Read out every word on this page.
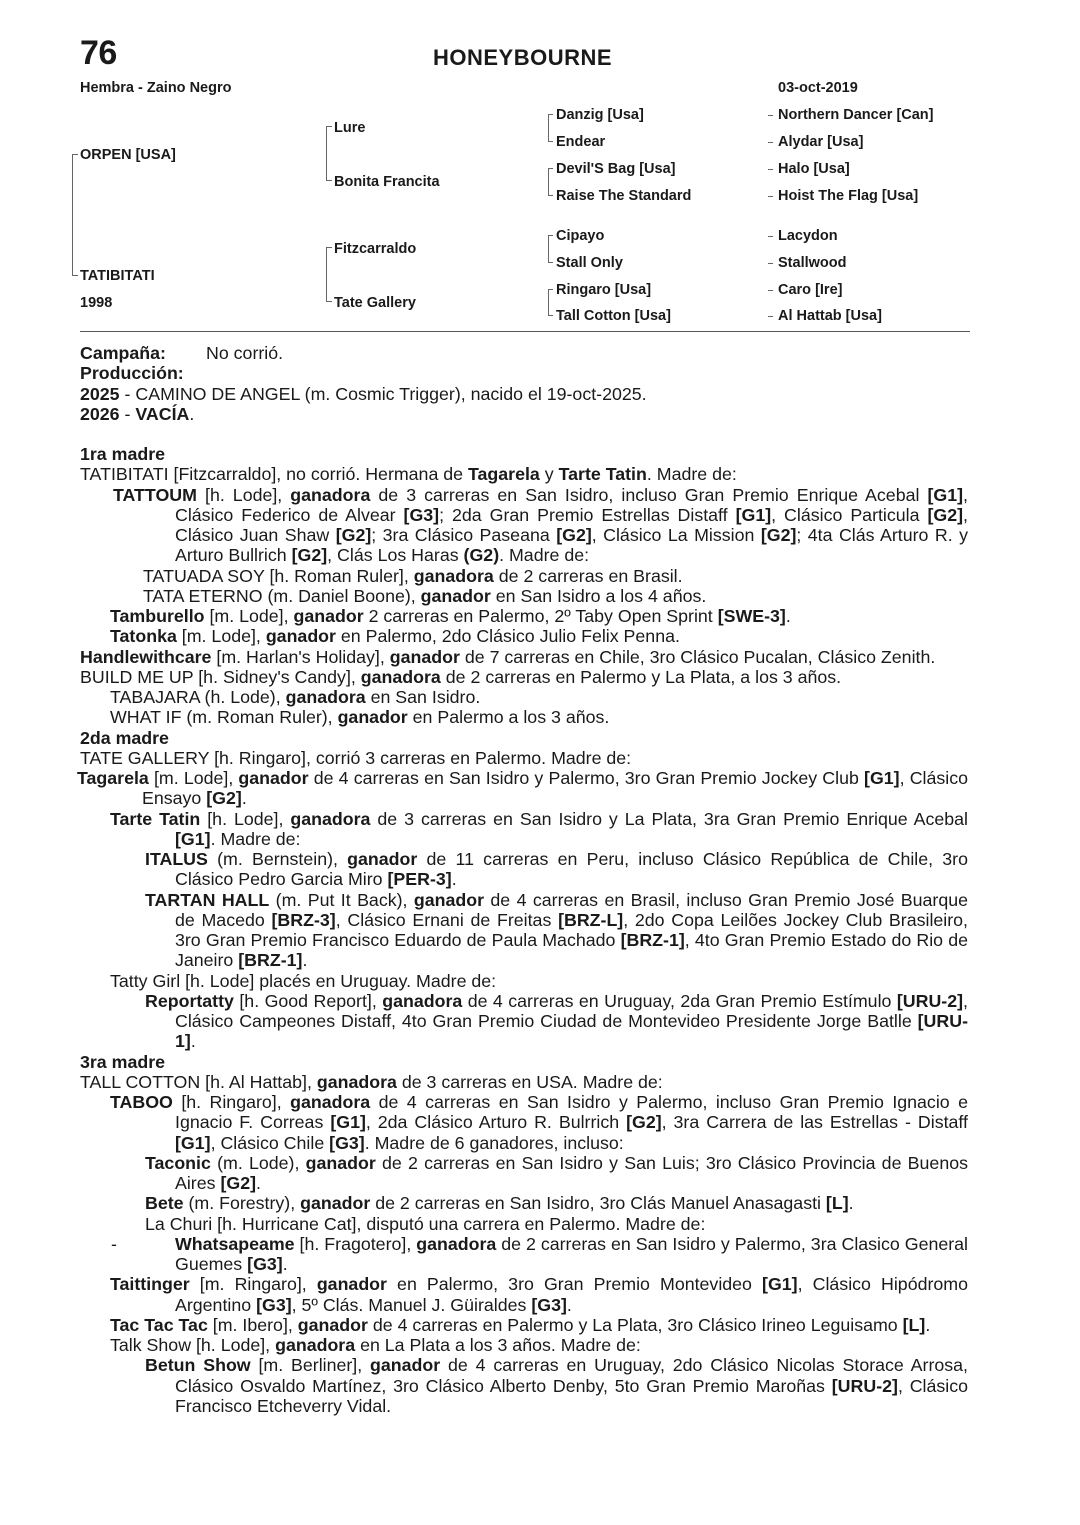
76	HONEYBOURNE
Hembra - Zaino Negro	03-oct-2019
ORPEN [USA]
TATIBITATI
1998
Lure
Bonita Francita
Fitzcarraldo
Tate Gallery
Danzig [Usa]
Endear
Devil'S Bag [Usa]
Raise The Standard
Cipayo
Stall Only
Ringaro [Usa]
Tall Cotton [Usa]
Northern Dancer [Can]
Alydar [Usa]
Halo [Usa]
Hoist The Flag [Usa]
Lacydon
Stallwood
Caro [Ire]
Al Hattab [Usa]

Campaña: No corrió.

Producción:

2025 - CAMINO DE ANGEL (m. Cosmic Trigger), nacido el 19-oct-2025.

2026 - VACÍA.

1ra madre

TATIBITATI [Fitzcarraldo], no corrió. Hermana de Tagarela y Tarte Tatin. Madre de:

TATTOUM [h. Lode], ganadora de 3 carreras en San Isidro, incluso Gran Premio Enrique Acebal [G1], Clásico Federico de Alvear [G3]; 2da Gran Premio Estrellas Distaff [G1], Clásico Particula [G2], Clásico Juan Shaw [G2]; 3ra Clásico Paseana [G2], Clásico La Mission [G2]; 4ta Clás Arturo R. y Arturo Bullrich [G2], Clás Los Haras (G2). Madre de:

TATUADA SOY [h. Roman Ruler], ganadora de 2 carreras en Brasil.

TATA ETERNO (m. Daniel Boone), ganador en San Isidro a los 4 años.

Tamburello [m. Lode], ganador 2 carreras en Palermo, 2º Taby Open Sprint [SWE-3].

Tatonka [m. Lode], ganador en Palermo, 2do Clásico Julio Felix Penna.

Handlewithcare [m. Harlan's Holiday], ganador de 7 carreras en Chile, 3ro Clásico Pucalan, Clásico Zenith.

BUILD ME UP [h. Sidney's Candy], ganadora de 2 carreras en Palermo y La Plata, a los 3 años.

TABAJARA (h. Lode), ganadora en San Isidro.

WHAT IF (m. Roman Ruler), ganador en Palermo a los 3 años.

2da madre

TATE GALLERY [h. Ringaro], corrió 3 carreras en Palermo. Madre de:

Tagarela [m. Lode], ganador de 4 carreras en San Isidro y Palermo, 3ro Gran Premio Jockey Club [G1], Clásico Ensayo [G2].

Tarte Tatin [h. Lode], ganadora de 3 carreras en San Isidro y La Plata, 3ra Gran Premio Enrique Acebal [G1]. Madre de:

ITALUS (m. Bernstein), ganador de 11 carreras en Peru, incluso Clásico República de Chile, 3ro Clásico Pedro Garcia Miro [PER-3].

TARTAN HALL (m. Put It Back), ganador de 4 carreras en Brasil, incluso Gran Premio José Buarque de Macedo [BRZ-3], Clásico Ernani de Freitas [BRZ-L], 2do Copa Leilões Jockey Club Brasileiro, 3ro Gran Premio Francisco Eduardo de Paula Machado [BRZ-1], 4to Gran Premio Estado do Rio de Janeiro [BRZ-1].

Tatty Girl [h. Lode] placés en Uruguay. Madre de:

Reportatty [h. Good Report], ganadora de 4 carreras en Uruguay, 2da Gran Premio Estímulo [URU-2], Clásico Campeones Distaff, 4to Gran Premio Ciudad de Montevideo Presidente Jorge Batlle [URU-1].

3ra madre

TALL COTTON [h. Al Hattab], ganadora de 3 carreras en USA. Madre de:

TABOO [h. Ringaro], ganadora de 4 carreras en San Isidro y Palermo, incluso Gran Premio Ignacio e Ignacio F. Correas [G1], 2da Clásico Arturo R. Bulrrich [G2], 3ra Carrera de las Estrellas - Distaff [G1], Clásico Chile [G3]. Madre de 6 ganadores, incluso:

Taconic (m. Lode), ganador de 2 carreras en San Isidro y San Luis; 3ro Clásico Provincia de Buenos Aires [G2].

Bete (m. Forestry), ganador de 2 carreras en San Isidro, 3ro Clás Manuel Anasagasti [L].

La Churi [h. Hurricane Cat], disputó una carrera en Palermo. Madre de:

-	Whatsapeame [h. Fragotero], ganadora de 2 carreras en San Isidro y Palermo, 3ra Clasico General Guemes [G3].

Taittinger [m. Ringaro], ganador en Palermo, 3ro Gran Premio Montevideo [G1], Clásico Hipódromo Argentino [G3], 5º Clás. Manuel J. Güiraldes [G3].

Tac Tac Tac [m. Ibero], ganador de 4 carreras en Palermo y La Plata, 3ro Clásico Irineo Leguisamo [L].

Talk Show [h. Lode], ganadora en La Plata a los 3 años. Madre de:

Betun Show [m. Berliner], ganador de 4 carreras en Uruguay, 2do Clásico Nicolas Storace Arrosa, Clásico Osvaldo Martínez, 3ro Clásico Alberto Denby, 5to Gran Premio Maroñas [URU-2], Clásico Francisco Etcheverry Vidal.
